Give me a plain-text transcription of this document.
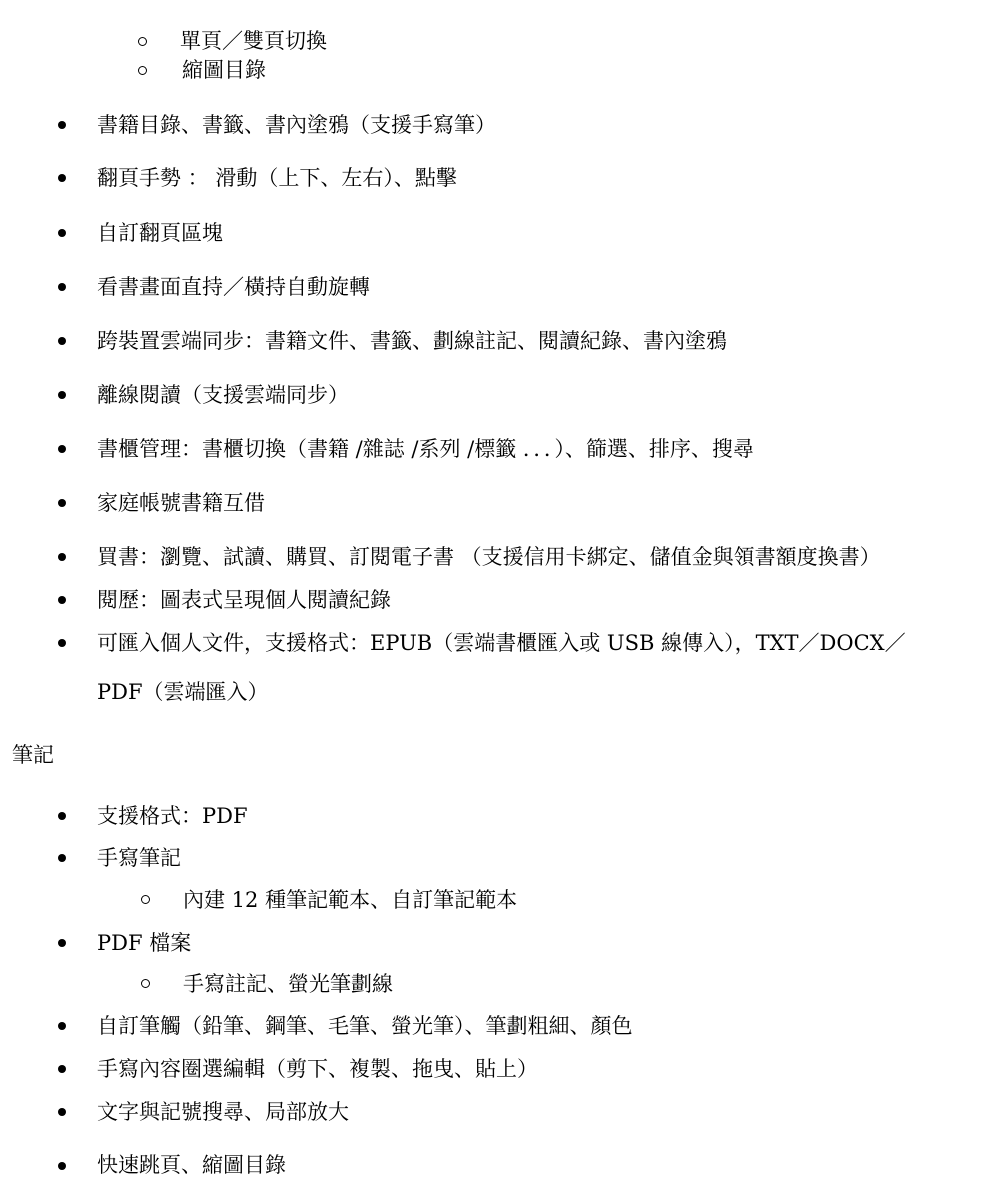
單頁／雙頁切換
縮圖目錄
書籍目錄、書籤、書內塗鴉（支援手寫筆）
翻頁手勢 ： 滑動（上下、左右）、點擊
自訂翻頁區塊
看書畫面直持／橫持自動旋轉
跨裝置雲端同步：書籍文件、書籤、劃線註記、閱讀紀錄、書內塗鴉
離線閱讀（支援雲端同步）
書櫃管理：書櫃切換（書籍 /雜誌 /系列 /標籤 ．．．）、篩選、排序、搜尋
家庭帳號書籍互借
買書：瀏覽、試讀、購買、訂閱電子書 （支援信用卡綁定、儲值金與領書額度換書）
閱歷：圖表式呈現個人閱讀紀錄
可匯入個人文件，支援格式：EPUB（雲端書櫃匯入或 USB 線傳入），TXT／DOCX／
PDF（雲端匯入）
筆記
支援格式：PDF
手寫筆記
內建 12 種筆記範本、自訂筆記範本
PDF 檔案
手寫註記、螢光筆劃線
自訂筆觸（鉛筆、鋼筆、毛筆、螢光筆）、筆劃粗細、顏色
手寫內容圈選編輯（剪下、複製、拖曳、貼上）
文字與記號搜尋、局部放大
快速跳頁、縮圖目錄
